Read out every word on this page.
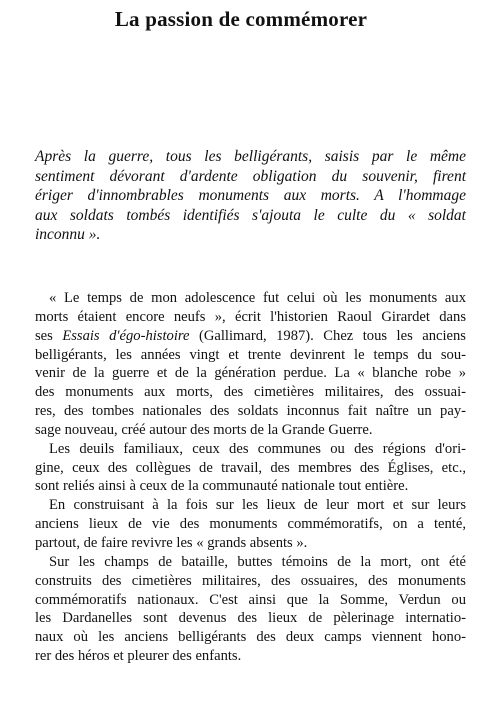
La passion de commémorer

Après la guerre, tous les belligérants, saisis par le même
sentiment dévorant d'ardente obligation du souvenir, firent
ériger d'innombrables monuments aux morts. A l'hommage
aux soldats tombés identifiés s'ajouta le culte du « soldat
inconnu ».

« Le temps de mon adolescence fut celui où les monuments aux
morts étaient encore neufs », écrit l'historien Raoul Girardet dans
ses Essais d'égo-histoire (Gallimard, 1987). Chez tous les anciens
belligérants, les années vingt et trente devinrent le temps du sou-
venir de la guerre et de la génération perdue. La « blanche robe »
des monuments aux morts, des cimetières militaires, des ossuai-
res, des tombes nationales des soldats inconnus fait naître un pay-
sage nouveau, créé autour des morts de la Grande Guerre.

Les deuils familiaux, ceux des communes ou des régions d'ori-
gine, ceux des collègues de travail, des membres des Églises, etc.,
sont reliés ainsi à ceux de la communauté nationale tout entière.

En construisant à la fois sur les lieux de leur mort et sur leurs
anciens lieux de vie des monuments commémoratifs, on a tenté,
partout, de faire revivre les « grands absents ».

Sur les champs de bataille, buttes témoins de la mort, ont été
construits des cimetières militaires, des ossuaires, des monuments
commémoratifs nationaux. C'est ainsi que la Somme, Verdun ou
les Dardanelles sont devenus des lieux de pèlerinage internatio-
naux où les anciens belligérants des deux camps viennent hono-
rer des héros et pleurer des enfants.
